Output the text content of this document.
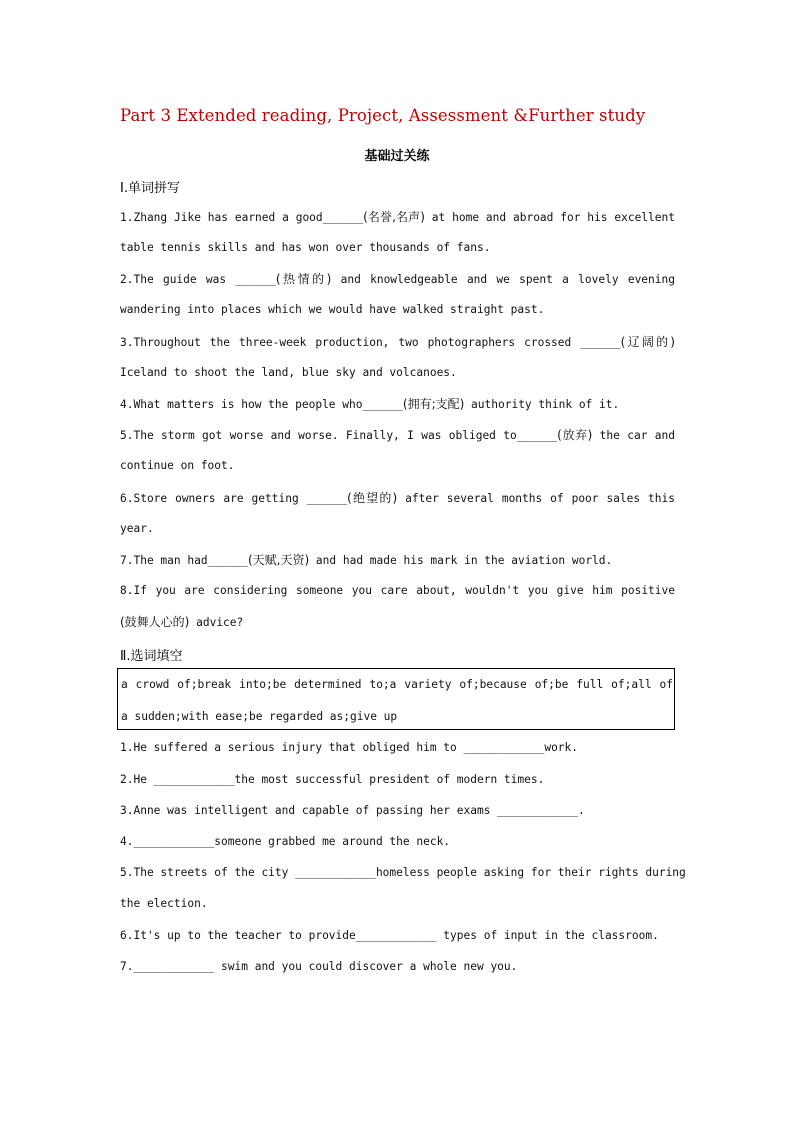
Part 3 Extended reading, Project, Assessment &Further study
基础过关练
Ⅰ.单词拼写
1.Zhang Jike has earned a good______(名誉,名声) at home and abroad for his excellent
table tennis skills and has won over thousands of fans.
2.The guide was ______(热情的) and knowledgeable and we spent a lovely evening
wandering into places which we would have walked straight past.
3.Throughout the three-week production, two photographers crossed ______(辽阔的)
Iceland to shoot the land, blue sky and volcanoes.
4.What matters is how the people who______(拥有;支配) authority think of it.
5.The storm got worse and worse. Finally, I was obliged to______(放弃) the car and
continue on foot.
6.Store owners are getting ______(绝望的) after several months of poor sales this
year.
7.The man had______(天赋,天资) and had made his mark in the aviation world.
8.If you are considering someone you care about, wouldn't you give him positive
(鼓舞人心的) advice?
Ⅱ.选词填空
a crowd of;break into;be determined to;a variety of;because of;be full of;all of
a sudden;with ease;be regarded as;give up
1.He suffered a serious injury that obliged him to ____________work.
2.He ____________the most successful president of modern times.
3.Anne was intelligent and capable of passing her exams ____________.
4.____________someone grabbed me around the neck.
5.The streets of the city ____________homeless people asking for their rights during
the election.
6.It's up to the teacher to provide____________ types of input in the classroom.
7.____________ swim and you could discover a whole new you.
